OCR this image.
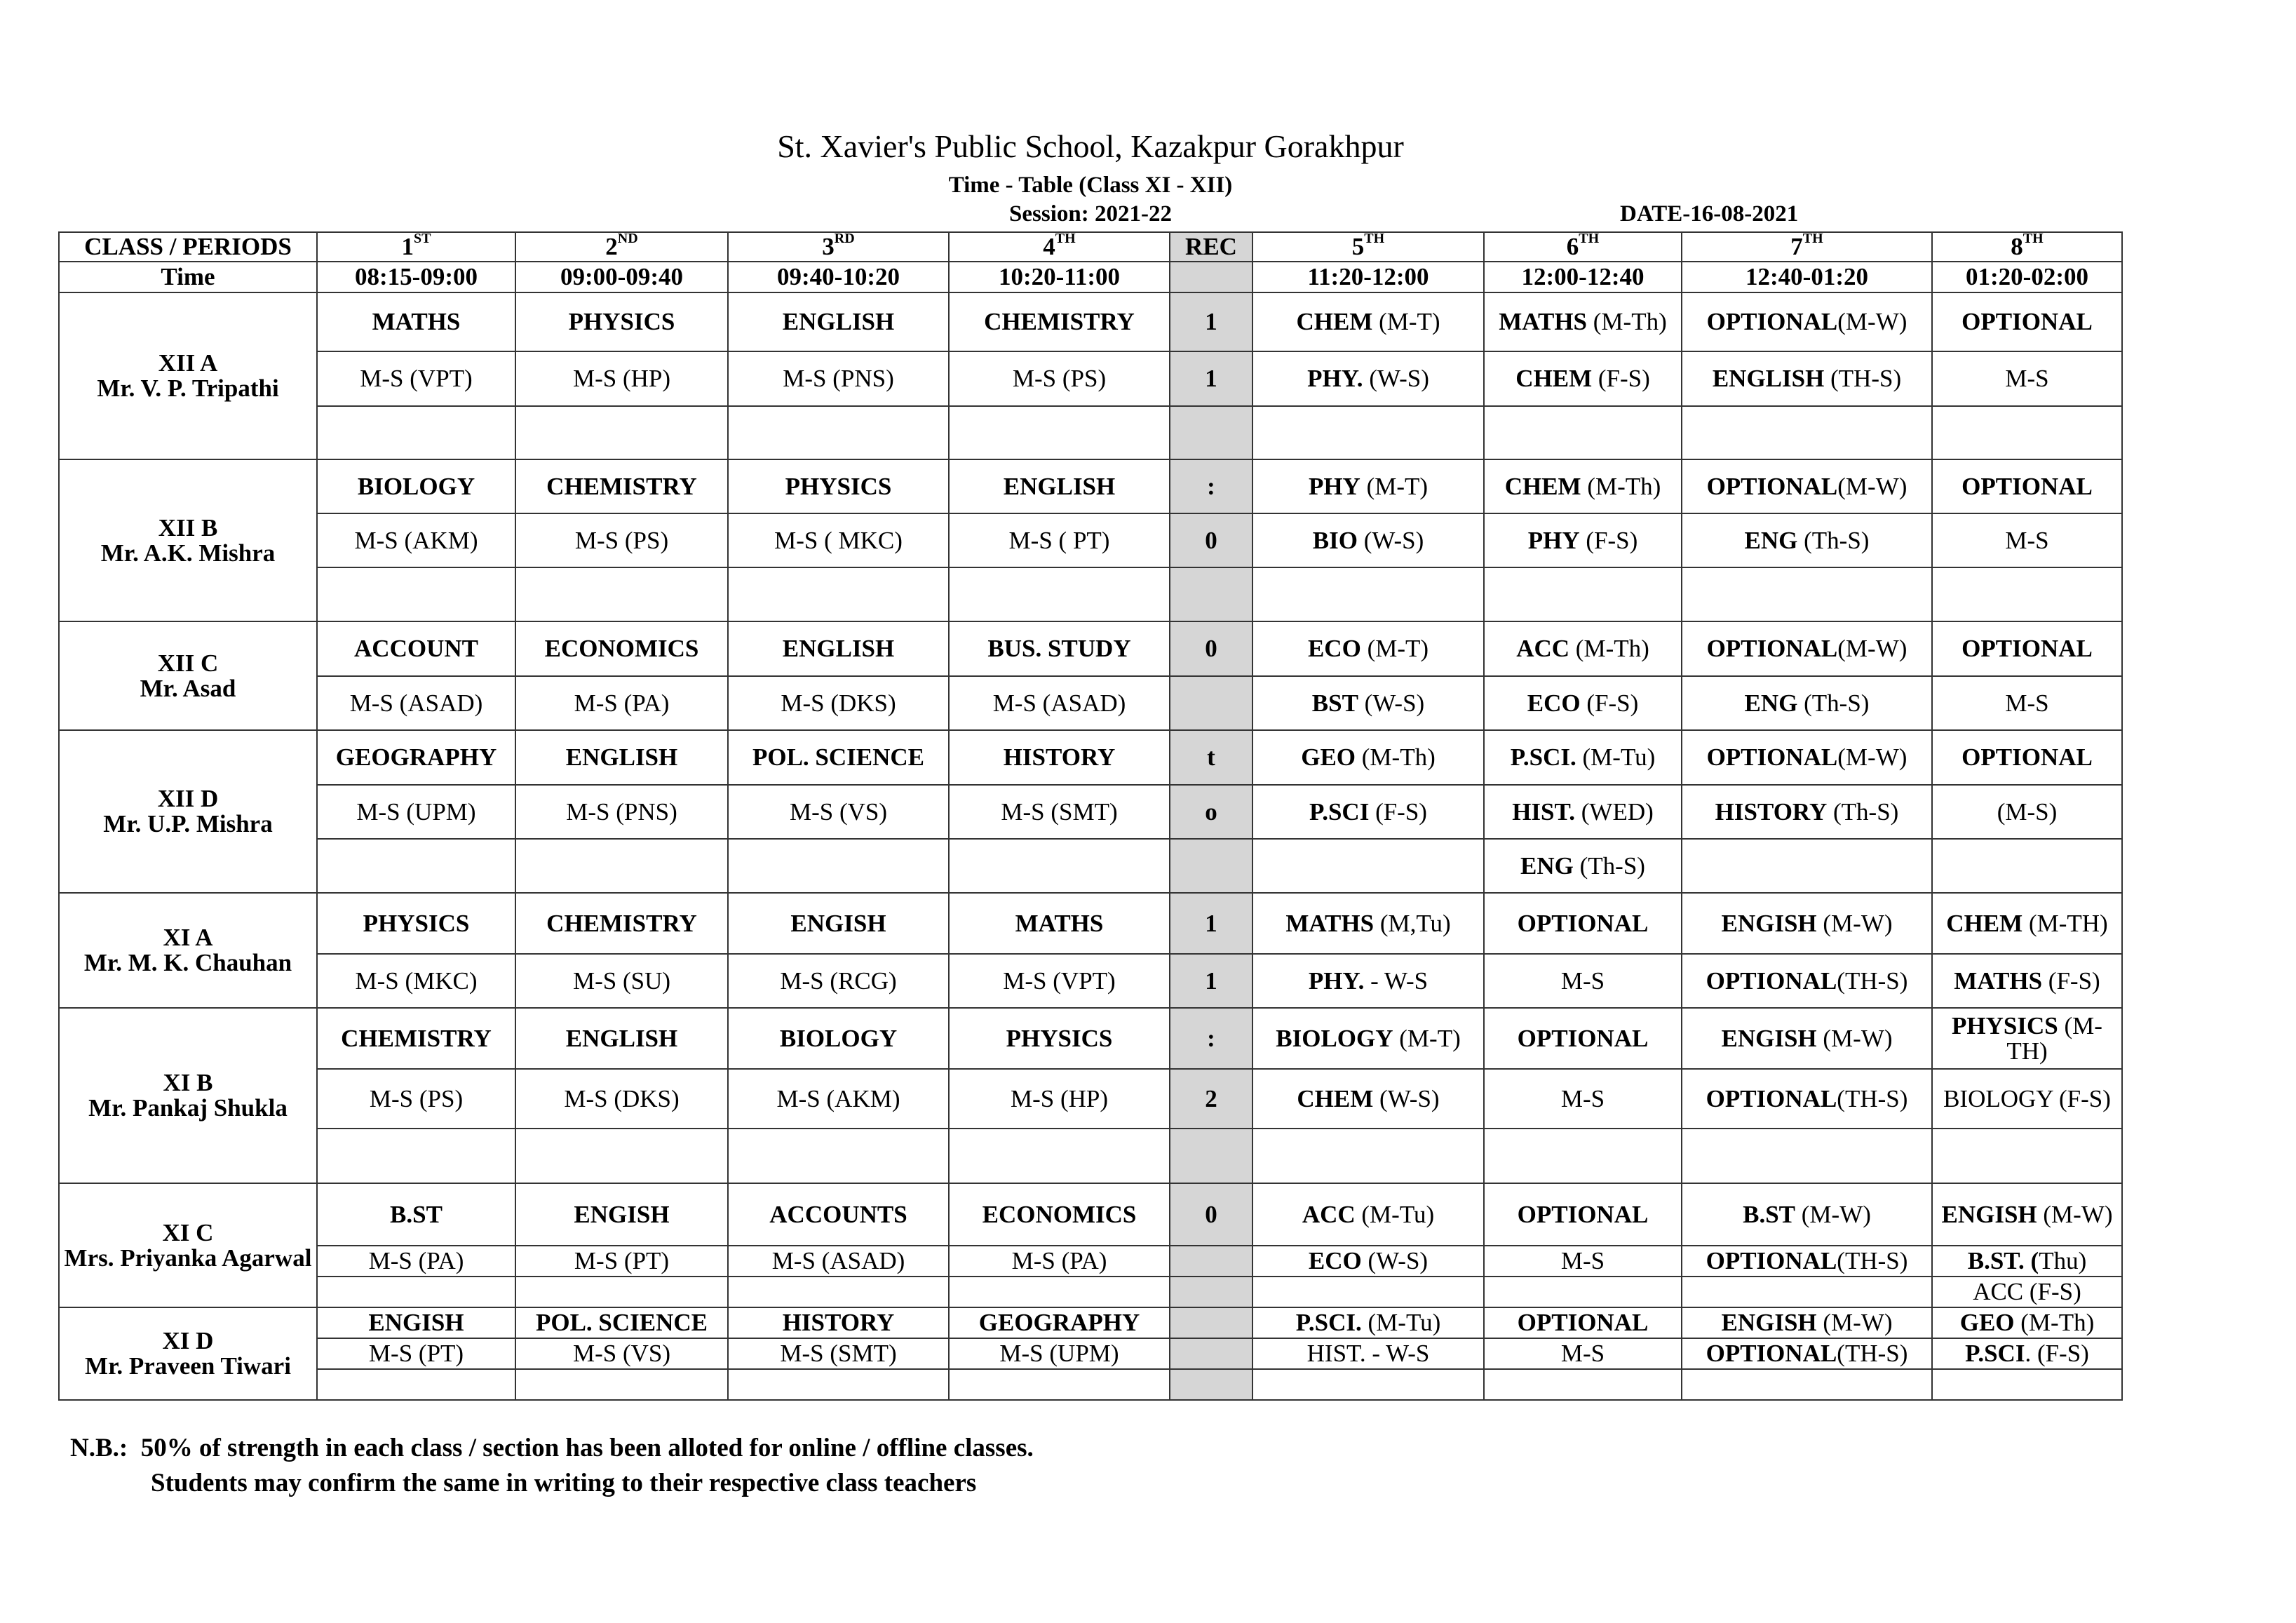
St. Xavier's Public School, Kazakpur Gorakhpur
Time - Table (Class XI - XII)
Session: 2021-22	DATE-16-08-2021
CLASS / PERIODS	1ST	2ND	3RD	4TH	REC	5TH	6TH	7TH	8TH
Time	08:15-09:00	09:00-09:40	09:40-10:20	10:20-11:00		11:20-12:00	12:00-12:40	12:40-01:20	01:20-02:00

XII A
Mr. V. P. Tripathi	MATHS	PHYSICS	ENGLISH	CHEMISTRY	1	CHEM (M-T)	MATHS (M-Th)	OPTIONAL(M-W)	OPTIONAL
	M-S (VPT)	M-S (HP)	M-S (PNS)	M-S (PS)	1	PHY. (W-S)	CHEM (F-S)	ENGLISH (TH-S)	M-S

XII B
Mr. A.K. Mishra	BIOLOGY	CHEMISTRY	PHYSICS	ENGLISH	:	PHY (M-T)	CHEM (M-Th)	OPTIONAL(M-W)	OPTIONAL
	M-S (AKM)	M-S (PS)	M-S ( MKC)	M-S ( PT)	0	BIO (W-S)	PHY (F-S)	ENG (Th-S)	M-S

XII C
Mr. Asad	ACCOUNT	ECONOMICS	ENGLISH	BUS. STUDY	0	ECO (M-T)	ACC (M-Th)	OPTIONAL(M-W)	OPTIONAL
	M-S (ASAD)	M-S (PA)	M-S (DKS)	M-S (ASAD)		BST (W-S)	ECO (F-S)	ENG (Th-S)	M-S

XII D
Mr. U.P. Mishra	GEOGRAPHY	ENGLISH	POL. SCIENCE	HISTORY	t	GEO (M-Th)	P.SCI. (M-Tu)	OPTIONAL(M-W)	OPTIONAL
	M-S (UPM)	M-S (PNS)	M-S (VS)	M-S (SMT)	o	P.SCI (F-S)	HIST. (WED)	HISTORY (Th-S)	(M-S)
							ENG (Th-S)		

XI A
Mr. M. K. Chauhan	PHYSICS	CHEMISTRY	ENGISH	MATHS	1	MATHS (M,Tu)	OPTIONAL	ENGISH (M-W)	CHEM (M-TH)
	M-S (MKC)	M-S (SU)	M-S (RCG)	M-S (VPT)	1	PHY. - W-S	M-S	OPTIONAL(TH-S)	MATHS (F-S)

XI B
Mr. Pankaj Shukla	CHEMISTRY	ENGLISH	BIOLOGY	PHYSICS	:	BIOLOGY (M-T)	OPTIONAL	ENGISH (M-W)	PHYSICS (M-TH)
	M-S (PS)	M-S (DKS)	M-S (AKM)	M-S (HP)	2	CHEM (W-S)	M-S	OPTIONAL(TH-S)	BIOLOGY (F-S)

XI C
Mrs. Priyanka Agarwal	B.ST	ENGISH	ACCOUNTS	ECONOMICS	0	ACC (M-Tu)	OPTIONAL	B.ST (M-W)	ENGISH (M-W)
	M-S (PA)	M-S (PT)	M-S (ASAD)	M-S (PA)		ECO (W-S)	M-S	OPTIONAL(TH-S)	B.ST. (Thu)
									ACC (F-S)

XI D
Mr. Praveen Tiwari	ENGISH	POL. SCIENCE	HISTORY	GEOGRAPHY		P.SCI. (M-Tu)	OPTIONAL	ENGISH (M-W)	GEO (M-Th)
	M-S (PT)	M-S (VS)	M-S (SMT)	M-S (UPM)		HIST. - W-S	M-S	OPTIONAL(TH-S)	P.SCI. (F-S)

N.B.:  50% of strength in each class / section has been alloted for online / offline classes.
Students may confirm the same in writing to their respective class teachers
